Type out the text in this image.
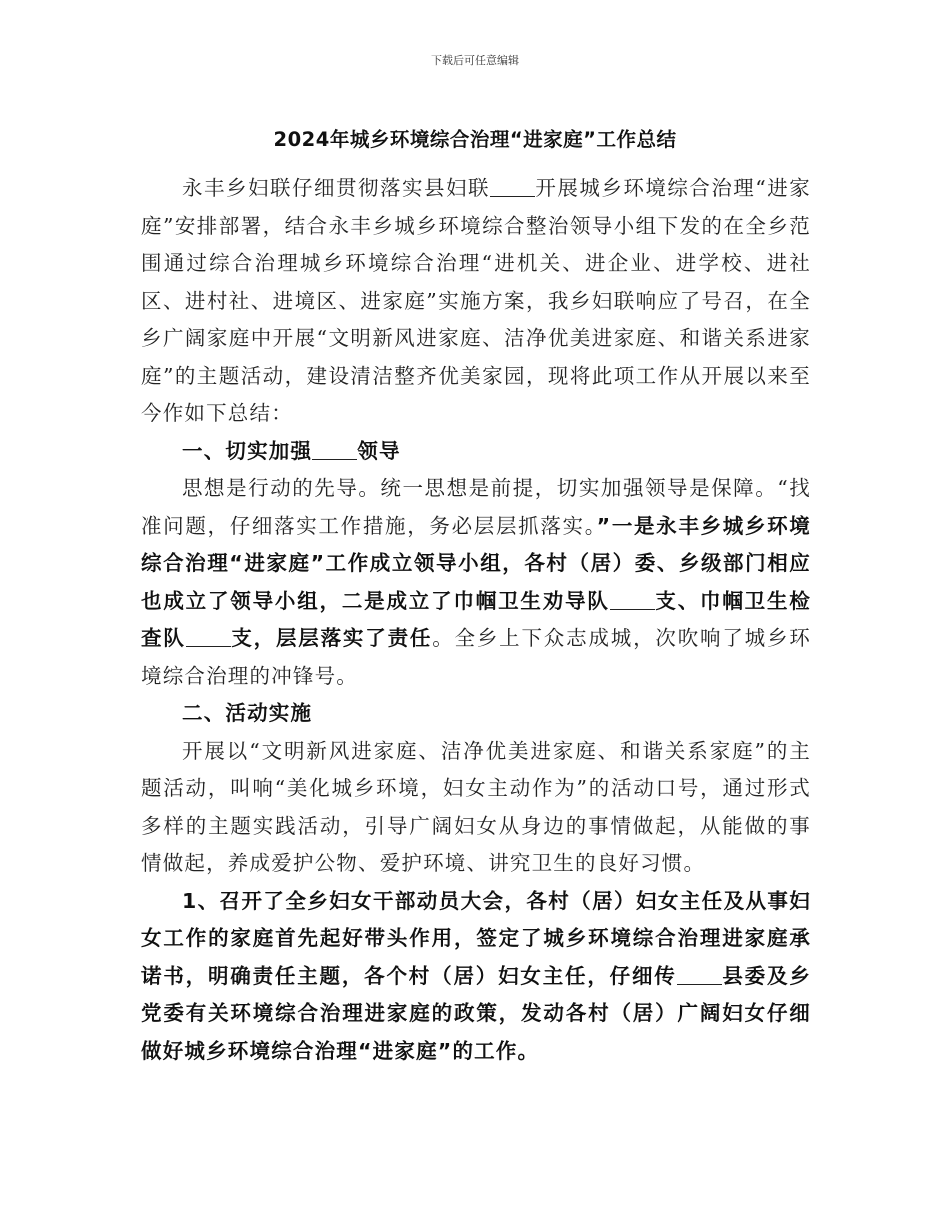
下载后可任意编辑
2024年城乡环境综合治理“进家庭”工作总结

永丰乡妇联仔细贯彻落实县妇联 开展城乡环境综合治理“进家庭”安排部署，结合永丰乡城乡环境综合整治领导小组下发的在全乡范围通过综合治理城乡环境综合治理“进机关、进企业、进学校、进社区、进村社、进境区、进家庭”实施方案，我乡妇联响应了号召，在全乡广阔家庭中开展“文明新风进家庭、洁净优美进家庭、和谐关系进家庭”的主题活动，建设清洁整齐优美家园，现将此项工作从开展以来至今作如下总结：

一、切实加强 领导

思想是行动的先导。统一思想是前提，切实加强领导是保障。“找准问题，仔细落实工作措施，务必层层抓落实。”一是永丰乡城乡环境综合治理“进家庭”工作成立领导小组，各村（居）委、乡级部门相应也成立了领导小组，二是成立了巾帼卫生劝导队 支、巾帼卫生检查队 支，层层落实了责任。全乡上下众志成城，次吹响了城乡环境综合治理的冲锋号。

二、活动实施

开展以“文明新风进家庭、洁净优美进家庭、和谐关系家庭”的主题活动，叫响“美化城乡环境，妇女主动作为”的活动口号，通过形式多样的主题实践活动，引导广阔妇女从身边的事情做起，从能做的事情做起，养成爱护公物、爱护环境、讲究卫生的良好习惯。

1、召开了全乡妇女干部动员大会，各村（居）妇女主任及从事妇女工作的家庭首先起好带头作用，签定了城乡环境综合治理进家庭承诺书，明确责任主题，各个村（居）妇女主任，仔细传 县委及乡党委有关环境综合治理进家庭的政策，发动各村（居）广阔妇女仔细做好城乡环境综合治理“进家庭”的工作。
